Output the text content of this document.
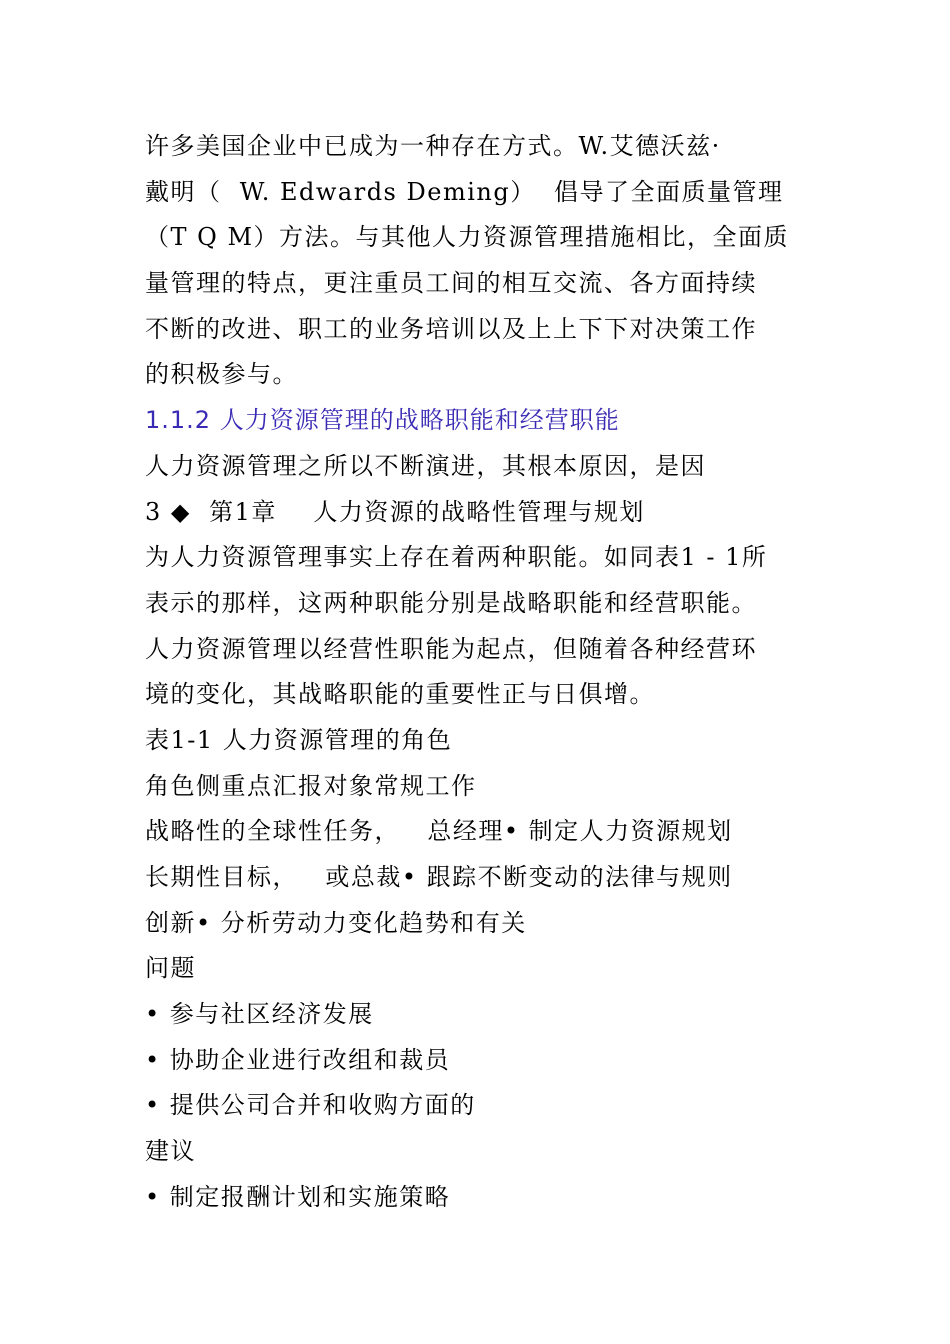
许多美国企业中已成为一种存在方式。W.艾德沃兹·
戴明（  W. Edwards Deming）  倡导了全面质量管理
（T Q M）方法。与其他人力资源管理措施相比，全面质
量管理的特点，更注重员工间的相互交流、各方面持续
不断的改进、职工的业务培训以及上上下下对决策工作
的积极参与。
1.1.2 人力资源管理的战略职能和经营职能
人力资源管理之所以不断演进，其根本原因，是因
3 ◆  第1章    人力资源的战略性管理与规划
为人力资源管理事实上存在着两种职能。如同表1 - 1所
表示的那样，这两种职能分别是战略职能和经营职能。
人力资源管理以经营性职能为起点，但随着各种经营环
境的变化，其战略职能的重要性正与日俱增。
表1-1 人力资源管理的角色
角色侧重点汇报对象常规工作
战略性的全球性任务，   总经理• 制定人力资源规划
长期性目标，   或总裁• 跟踪不断变动的法律与规则
创新• 分析劳动力变化趋势和有关
问题
• 参与社区经济发展
• 协助企业进行改组和裁员
• 提供公司合并和收购方面的
建议
• 制定报酬计划和实施策略
